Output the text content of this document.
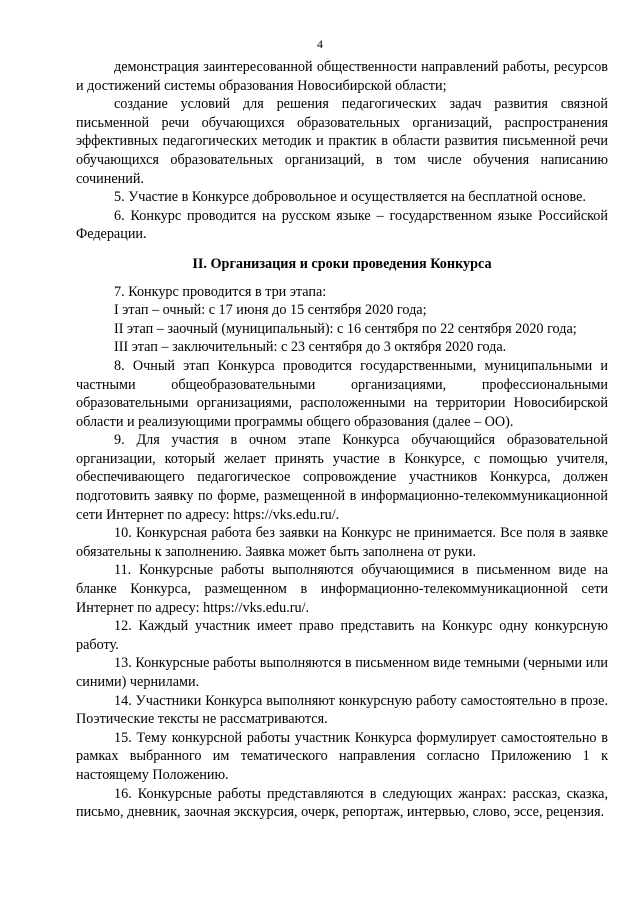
4

демонстрация заинтересованной общественности направлений работы, ресурсов и достижений системы образования Новосибирской области;

создание условий для решения педагогических задач развития связной письменной речи обучающихся образовательных организаций, распространения эффективных педагогических методик и практик в области развития письменной речи обучающихся образовательных организаций, в том числе обучения написанию сочинений.

5. Участие в Конкурсе добровольное и осуществляется на бесплатной основе.

6. Конкурс проводится на русском языке – государственном языке Российской Федерации.

II. Организация и сроки проведения Конкурса

7. Конкурс проводится в три этапа:

I этап – очный: с 17 июня до 15 сентября 2020 года;

II этап – заочный (муниципальный): с 16 сентября по 22 сентября 2020 года;

III этап – заключительный: с 23 сентября до 3 октября 2020 года.

8. Очный этап Конкурса проводится государственными, муниципальными и частными общеобразовательными организациями, профессиональными образовательными организациями, расположенными на территории Новосибирской области и реализующими программы общего образования (далее – ОО).

9. Для участия в очном этапе Конкурса обучающийся образовательной организации, который желает принять участие в Конкурсе, с помощью учителя, обеспечивающего педагогическое сопровождение участников Конкурса, должен подготовить заявку по форме, размещенной в информационно-телекоммуникационной сети Интернет по адресу: https://vks.edu.ru/.

10. Конкурсная работа без заявки на Конкурс не принимается. Все поля в заявке обязательны к заполнению. Заявка может быть заполнена от руки.

11. Конкурсные работы выполняются обучающимися в письменном виде на бланке Конкурса, размещенном в информационно-телекоммуникационной сети Интернет по адресу: https://vks.edu.ru/.

12. Каждый участник имеет право представить на Конкурс одну конкурсную работу.

13. Конкурсные работы выполняются в письменном виде темными (черными или синими) чернилами.

14. Участники Конкурса выполняют конкурсную работу самостоятельно в прозе. Поэтические тексты не рассматриваются.

15. Тему конкурсной работы участник Конкурса формулирует самостоятельно в рамках выбранного им тематического направления согласно Приложению 1 к настоящему Положению.

16. Конкурсные работы представляются в следующих жанрах: рассказ, сказка, письмо, дневник, заочная экскурсия, очерк, репортаж, интервью, слово, эссе, рецензия.
